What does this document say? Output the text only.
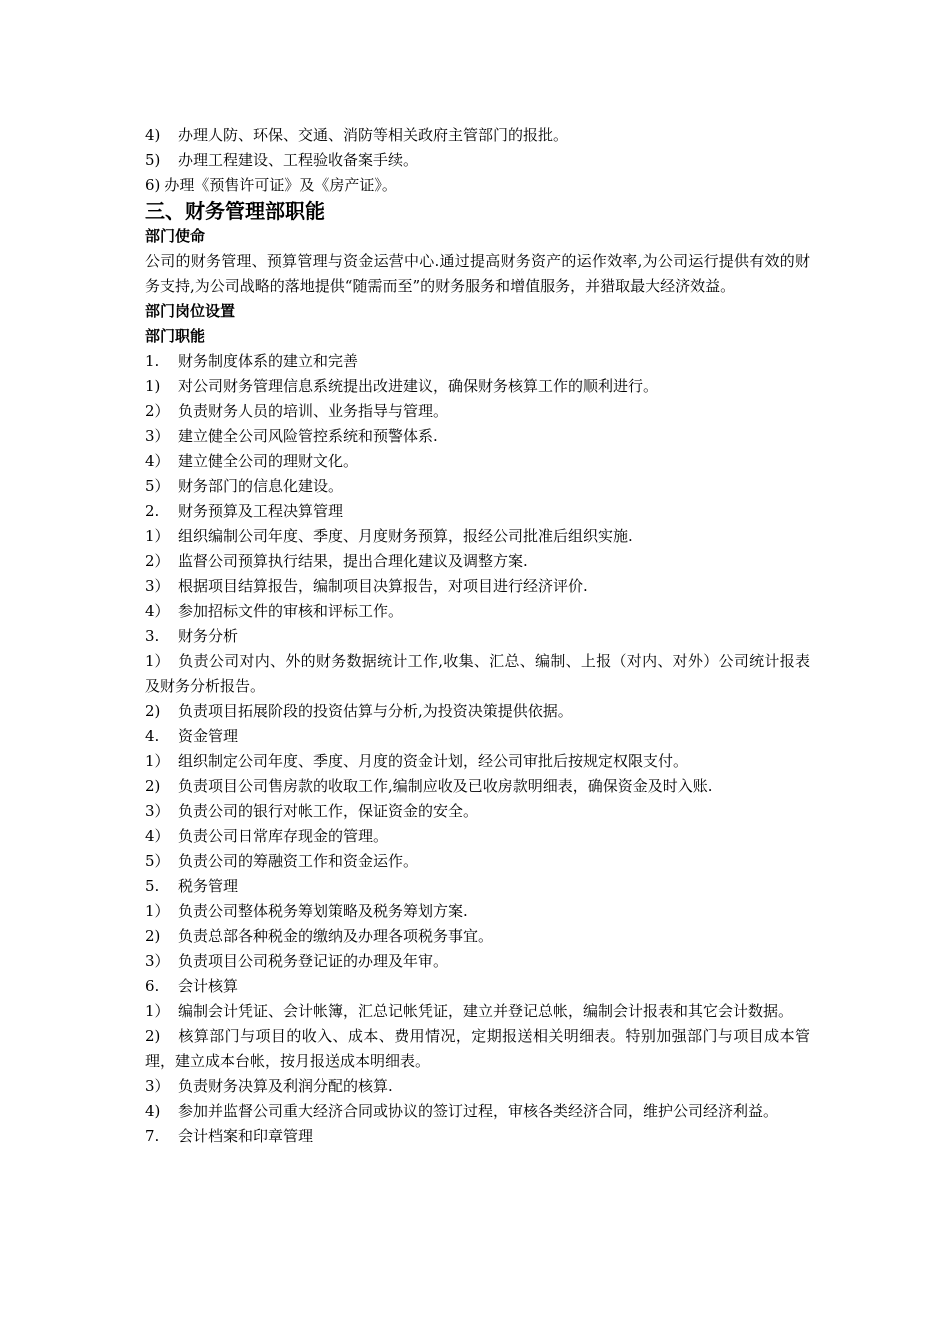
4) 办理人防、环保、交通、消防等相关政府主管部门的报批。
5) 办理工程建设、工程验收备案手续。
6) 办理《预售许可证》及《房产证》。
三、财务管理部职能
部门使命
公司的财务管理、预算管理与资金运营中心.通过提高财务资产的运作效率,为公司运行提供有效的财务支持,为公司战略的落地提供“随需而至”的财务服务和增值服务，并猎取最大经济效益。
部门岗位设置
部门职能
1. 财务制度体系的建立和完善
1) 对公司财务管理信息系统提出改进建议，确保财务核算工作的顺利进行。
2） 负责财务人员的培训、业务指导与管理。
3） 建立健全公司风险管控系统和预警体系.
4） 建立健全公司的理财文化。
5） 财务部门的信息化建设。
2. 财务预算及工程决算管理
1） 组织编制公司年度、季度、月度财务预算，报经公司批准后组织实施.
2） 监督公司预算执行结果，提出合理化建议及调整方案.
3） 根据项目结算报告，编制项目决算报告，对项目进行经济评价.
4） 参加招标文件的审核和评标工作。
3. 财务分析
1） 负责公司对内、外的财务数据统计工作,收集、汇总、编制、上报（对内、对外）公司统计报表及财务分析报告。
2) 负责项目拓展阶段的投资估算与分析,为投资决策提供依据。
4. 资金管理
1） 组织制定公司年度、季度、月度的资金计划，经公司审批后按规定权限支付。
2) 负责项目公司售房款的收取工作,编制应收及已收房款明细表，确保资金及时入账.
3） 负责公司的银行对帐工作，保证资金的安全。
4） 负责公司日常库存现金的管理。
5） 负责公司的筹融资工作和资金运作。
5. 税务管理
1） 负责公司整体税务筹划策略及税务筹划方案.
2) 负责总部各种税金的缴纳及办理各项税务事宜。
3） 负责项目公司税务登记证的办理及年审。
6. 会计核算
1） 编制会计凭证、会计帐簿，汇总记帐凭证，建立并登记总帐，编制会计报表和其它会计数据。
2) 核算部门与项目的收入、成本、费用情况，定期报送相关明细表。特别加强部门与项目成本管理，建立成本台帐，按月报送成本明细表。
3） 负责财务决算及利润分配的核算.
4) 参加并监督公司重大经济合同或协议的签订过程，审核各类经济合同，维护公司经济利益。
7. 会计档案和印章管理
